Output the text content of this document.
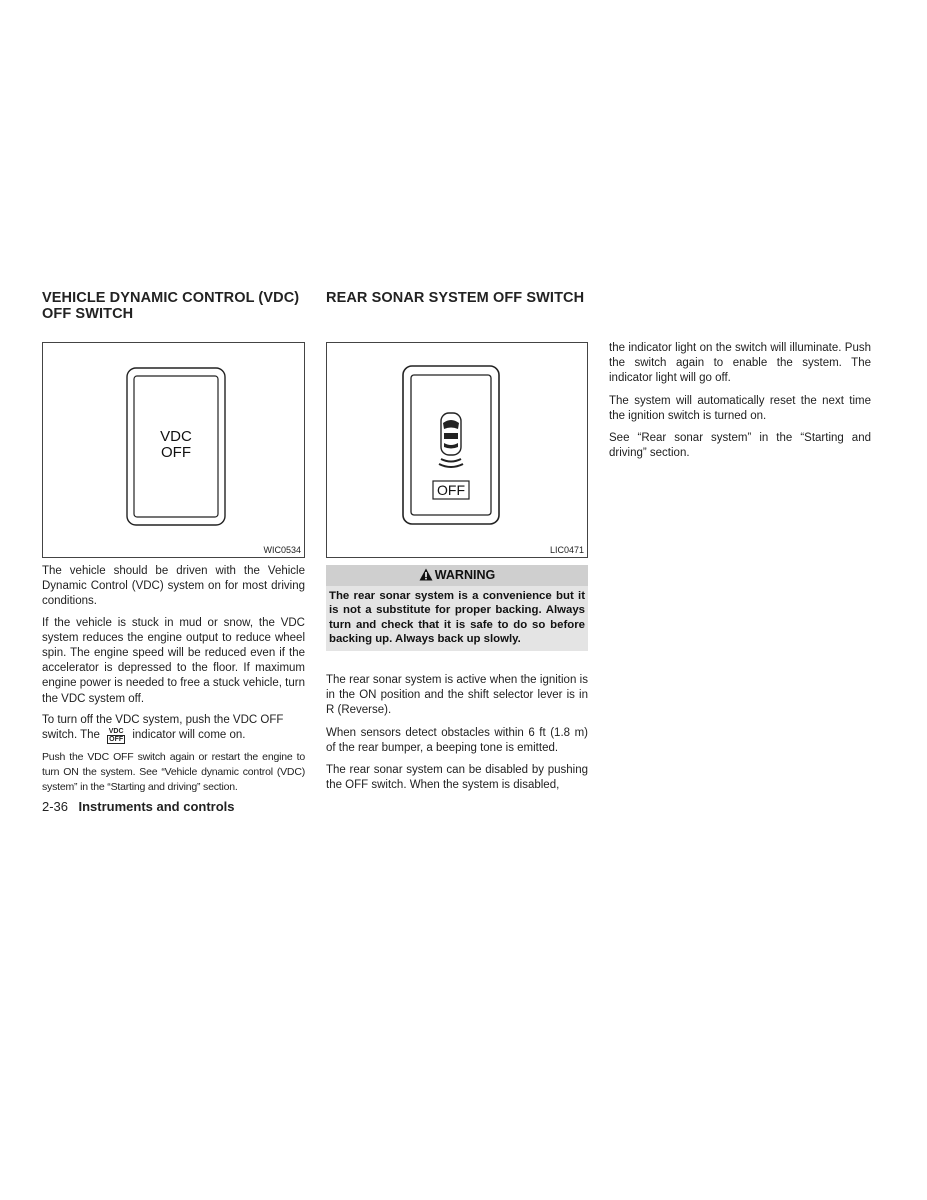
VEHICLE DYNAMIC CONTROL (VDC)
OFF SWITCH
VDC
OFF
WIC0534

The vehicle should be driven with the Vehicle Dynamic Control (VDC) system on for most driving conditions.

If the vehicle is stuck in mud or snow, the VDC system reduces the engine output to reduce wheel spin. The engine speed will be reduced even if the accelerator is depressed to the floor. If maximum engine power is needed to free a stuck vehicle, turn the VDC system off.

To turn off the VDC system, push the VDC OFF
switch. The VDC
OFF indicator will come on.

Push the VDC OFF switch again or restart the engine to turn ON the system. See “Vehicle dynamic control (VDC) system” in the “Starting and driving” section.

REAR SONAR SYSTEM OFF SWITCH
OFF
LIC0471
WARNING
The rear sonar system is a convenience but it is not a substitute for proper backing. Always turn and check that it is safe to do so before backing up. Always back up slowly.

The rear sonar system is active when the ignition is in the ON position and the shift selector lever is in R (Reverse).

When sensors detect obstacles within 6 ft (1.8 m) of the rear bumper, a beeping tone is emitted.

The rear sonar system can be disabled by pushing the OFF switch. When the system is disabled,

the indicator light on the switch will illuminate. Push the switch again to enable the system. The indicator light will go off.

The system will automatically reset the next time the ignition switch is turned on.

See “Rear sonar system” in the “Starting and driving” section.

2-36 Instruments and controls
